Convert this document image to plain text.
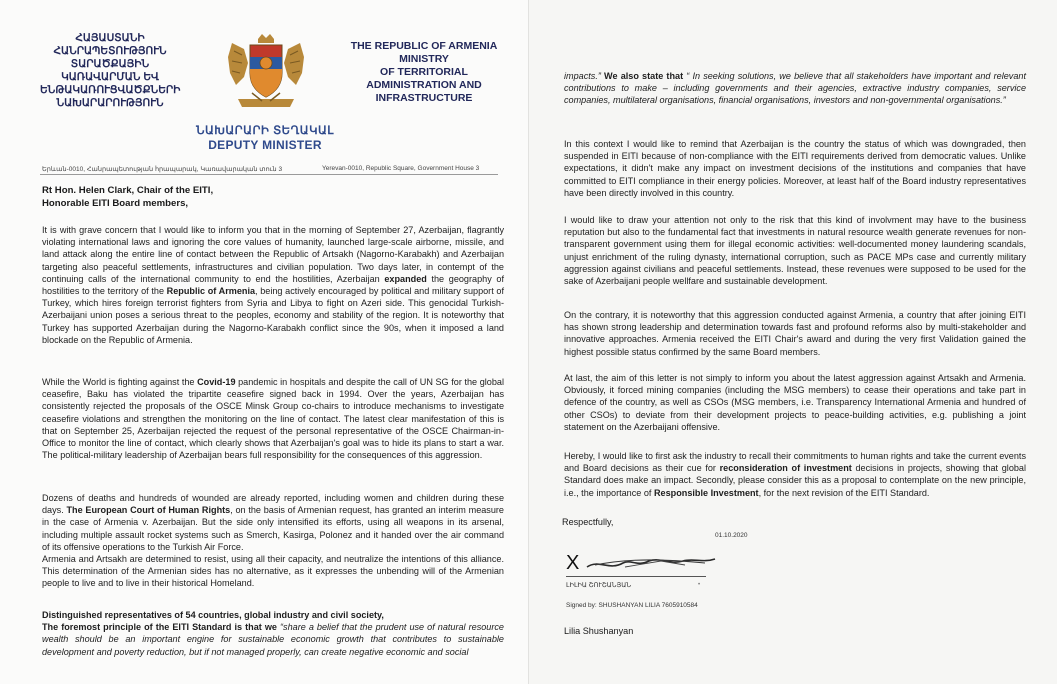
ՀԱՅԱՍՏԱՆԻ
ՀԱՆՐԱՊԵՏՈՒԹՅՈՒՆ
ՏԱՐԱԾՔԱՅԻՆ
ԿԱՌԱՎԱՐՄԱՆ ԵՎ
ԵՆԹԱԿԱՌՈՒՑՎԱԾՔՆԵՐԻ
ՆԱԽԱՐԱՐՈՒԹՅՈՒՆ
THE REPUBLIC OF ARMENIA
MINISTRY
OF TERRITORIAL
ADMINISTRATION AND
INFRASTRUCTURE
ՆԱԽԱՐԱՐԻ ՏԵՂԱԿԱԼ
DEPUTY MINISTER
Երևան-0010, Հանրապետության հրապարակ, Կառավարական տուն 3	Yerevan-0010, Republic Square, Government House 3
Rt Hon. Helen Clark, Chair of the EITI,
Honorable EITI Board members,

It is with grave concern that I would like to inform you that in the morning of September 27, Azerbaijan, flagrantly violating international laws and ignoring the core values of humanity, launched large-scale airborne, missile, and land attack along the entire line of contact between the Republic of Artsakh (Nagorno-Karabakh) and Azerbaijan targeting also peaceful settlements, infrastructures and civilian population. Two days later, in contempt of the continuing calls of the international community to end the hostilities, Azerbaijan expanded the geography of hostilities to the territory of the Republic of Armenia, being actively encouraged by political and military support of Turkey, which hires foreign terrorist fighters from Syria and Libya to fight on Azeri side. This genocidal Turkish-Azerbaijani union poses a serious threat to the peoples, economy and stability of the region. It is noteworthy that Turkey has supported Azerbaijan during the Nagorno-Karabakh conflict since the 90s, when it imposed a land blockade on the Republic of Armenia.

While the World is fighting against the Covid-19 pandemic in hospitals and despite the call of UN SG for the global ceasefire, Baku has violated the tripartite ceasefire signed back in 1994. Over the years, Azerbaijan has consistently rejected the proposals of the OSCE Minsk Group co-chairs to introduce mechanisms to investigate ceasefire violations and strengthen the monitoring on the line of contact. The latest clear manifestation of this is that on September 25, Azerbaijan rejected the request of the personal representative of the OSCE Chairman-in-Office to monitor the line of contact, which clearly shows that Azerbaijan's goal was to hide its plans to start a war. The political-military leadership of Azerbaijan bears full responsibility for the consequences of this aggression.

Dozens of deaths and hundreds of wounded are already reported, including women and children during these days. The European Court of Human Rights, on the basis of Armenian request, has granted an interim measure in the case of Armenia v. Azerbaijan. But the side only intensified its efforts, using all weapons in its arsenal, including multiple assault rocket systems such as Smerch, Kasirga, Polonez and it handed over the air command of its offensive operations to the Turkish Air Force.
Armenia and Artsakh are determined to resist, using all their capacity, and neutralize the intentions of this alliance. This determination of the Armenian sides has no alternative, as it expresses the unbending will of the Armenian people to live and to live in their historical Homeland.

Distinguished representatives of 54 countries, global industry and civil society,
The foremost principle of the EITI Standard is that we “share a belief that the prudent use of natural resource wealth should be an important engine for sustainable economic growth that contributes to sustainable development and poverty reduction, but if not managed properly, can create negative economic and social

impacts.” We also state that “ In seeking solutions, we believe that all stakeholders have important and relevant contributions to make – including governments and their agencies, extractive industry companies, service companies, multilateral organisations, financial organisations, investors and non-governmental organisations.”

In this context I would like to remind that Azerbaijan is the country the status of which was downgraded, then suspended in EITI because of non-compliance with the EITI requirements derived from democratic values. Unlike expectations, it didn't make any impact on investment decisions of the institutions and companies that have committed to EITI compliance in their energy policies. Moreover, at least half of the Board industry representatives have been directly involved in this country.

I would like to draw your attention not only to the risk that this kind of involvment may have to the business reputation but also to the fundamental fact that investments in natural resource wealth generate revenues for non-transparent government using them for illegal economic activities: well-documented money laundering scandals, unjust enrichment of the ruling dynasty, international corruption, such as PACE MPs case and currently military aggression against civilians and peaceful settlements. Instead, these revenues were supposed to be used for the sake of Azerbaijani people wellfare and sustainable development.

On the contrary, it is noteworthy that this aggression conducted against Armenia, a country that after joining EITI has shown strong leadership and determination towards fast and profound reforms also by multi-stakeholder and innovative approaches. Armenia received the EITI Chair's award and during the very first Validation gained the highest possible status confirmed by the same Board members.

At last, the aim of this letter is not simply to inform you about the latest aggression against Artsakh and Armenia. Obviously, it forced mining companies (including the MSG members) to cease their operations and take part in defence of the country, as well as CSOs (MSG members, i.e. Transparency International Armenia and hundred of other CSOs) to deviate from their development projects to peace-building activities, e.g. publishing a joint statement on the Azerbaijani offensive.

Hereby, I would like to first ask the industry to recall their commitments to human rights and take the current events and Board decisions as their cue for reconsideration of investment decisions in projects, showing that global Standard does make an impact. Secondly, please consider this as a proposal to contemplate on the new principle, i.e., the importance of Responsible Investment, for the next revision of the EITI Standard.

Respectfully,
01.10.2020
X
ԼԻԼԻԱ ՇՈՒՇԱՆՅԱՆ	•
Signed by: SHUSHANYAN LILIA 7605910584
Lilia Shushanyan
